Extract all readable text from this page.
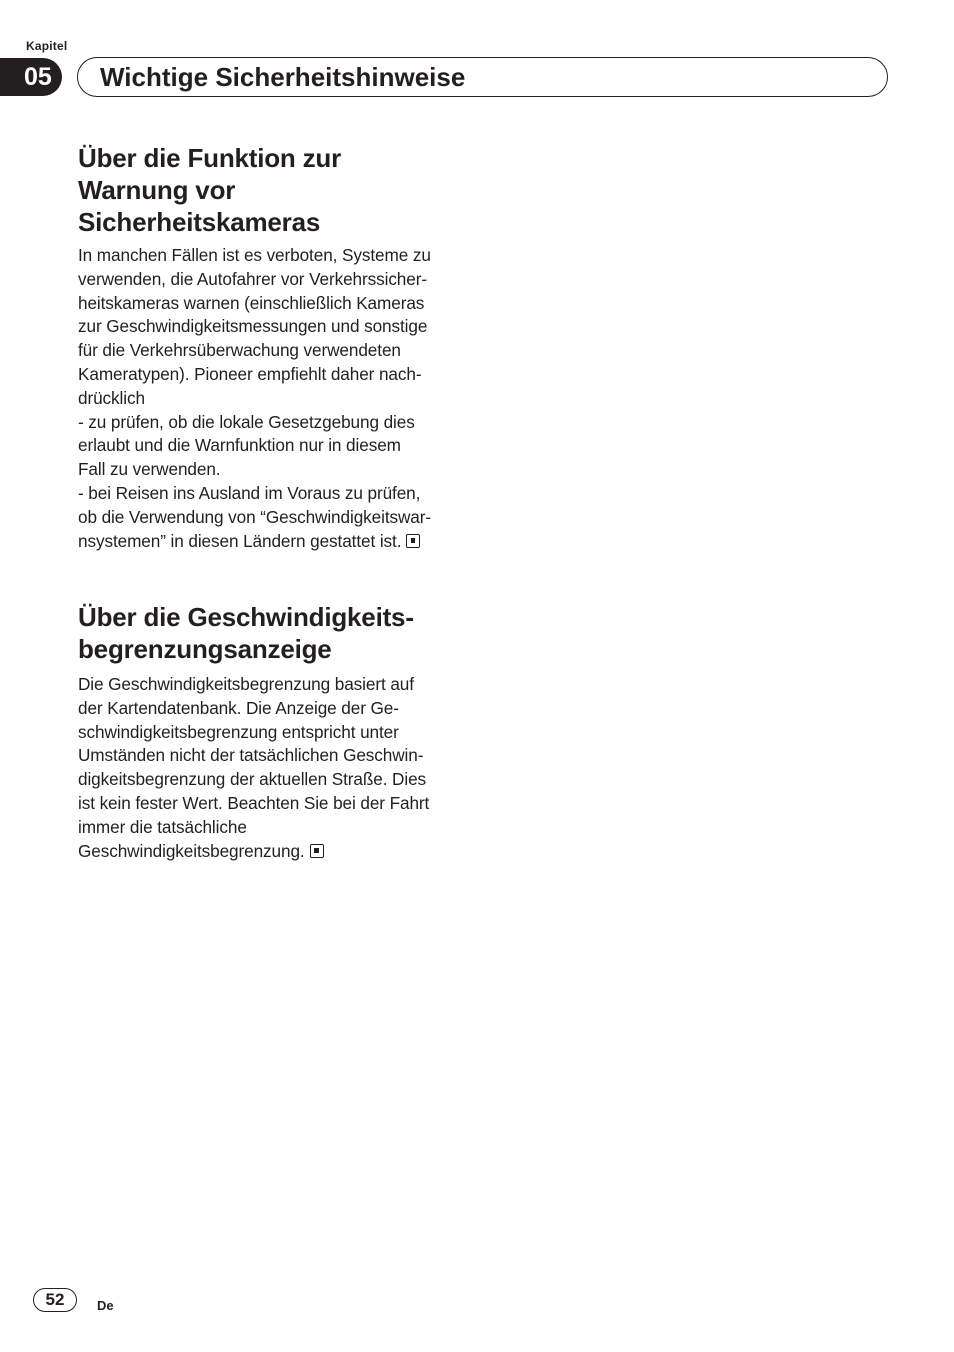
Kapitel
05	Wichtige Sicherheitshinweise
Über die Funktion zur
Warnung vor
Sicherheitskameras

In manchen Fällen ist es verboten, Systeme zu
verwenden, die Autofahrer vor Verkehrssicher-
heitskameras warnen (einschließlich Kameras
zur Geschwindigkeitsmessungen und sonstige
für die Verkehrsüberwachung verwendeten
Kameratypen). Pioneer empfiehlt daher nach-
drücklich
- zu prüfen, ob die lokale Gesetzgebung dies
erlaubt und die Warnfunktion nur in diesem
Fall zu verwenden.
- bei Reisen ins Ausland im Voraus zu prüfen,
ob die Verwendung von “Geschwindigkeitswar-
nsystemen” in diesen Ländern gestattet ist.

Über die Geschwindigkeits-
begrenzungsanzeige

Die Geschwindigkeitsbegrenzung basiert auf
der Kartendatenbank. Die Anzeige der Ge-
schwindigkeitsbegrenzung entspricht unter
Umständen nicht der tatsächlichen Geschwin-
digkeitsbegrenzung der aktuellen Straße. Dies
ist kein fester Wert. Beachten Sie bei der Fahrt
immer die tatsächliche
Geschwindigkeitsbegrenzung.

52	De
